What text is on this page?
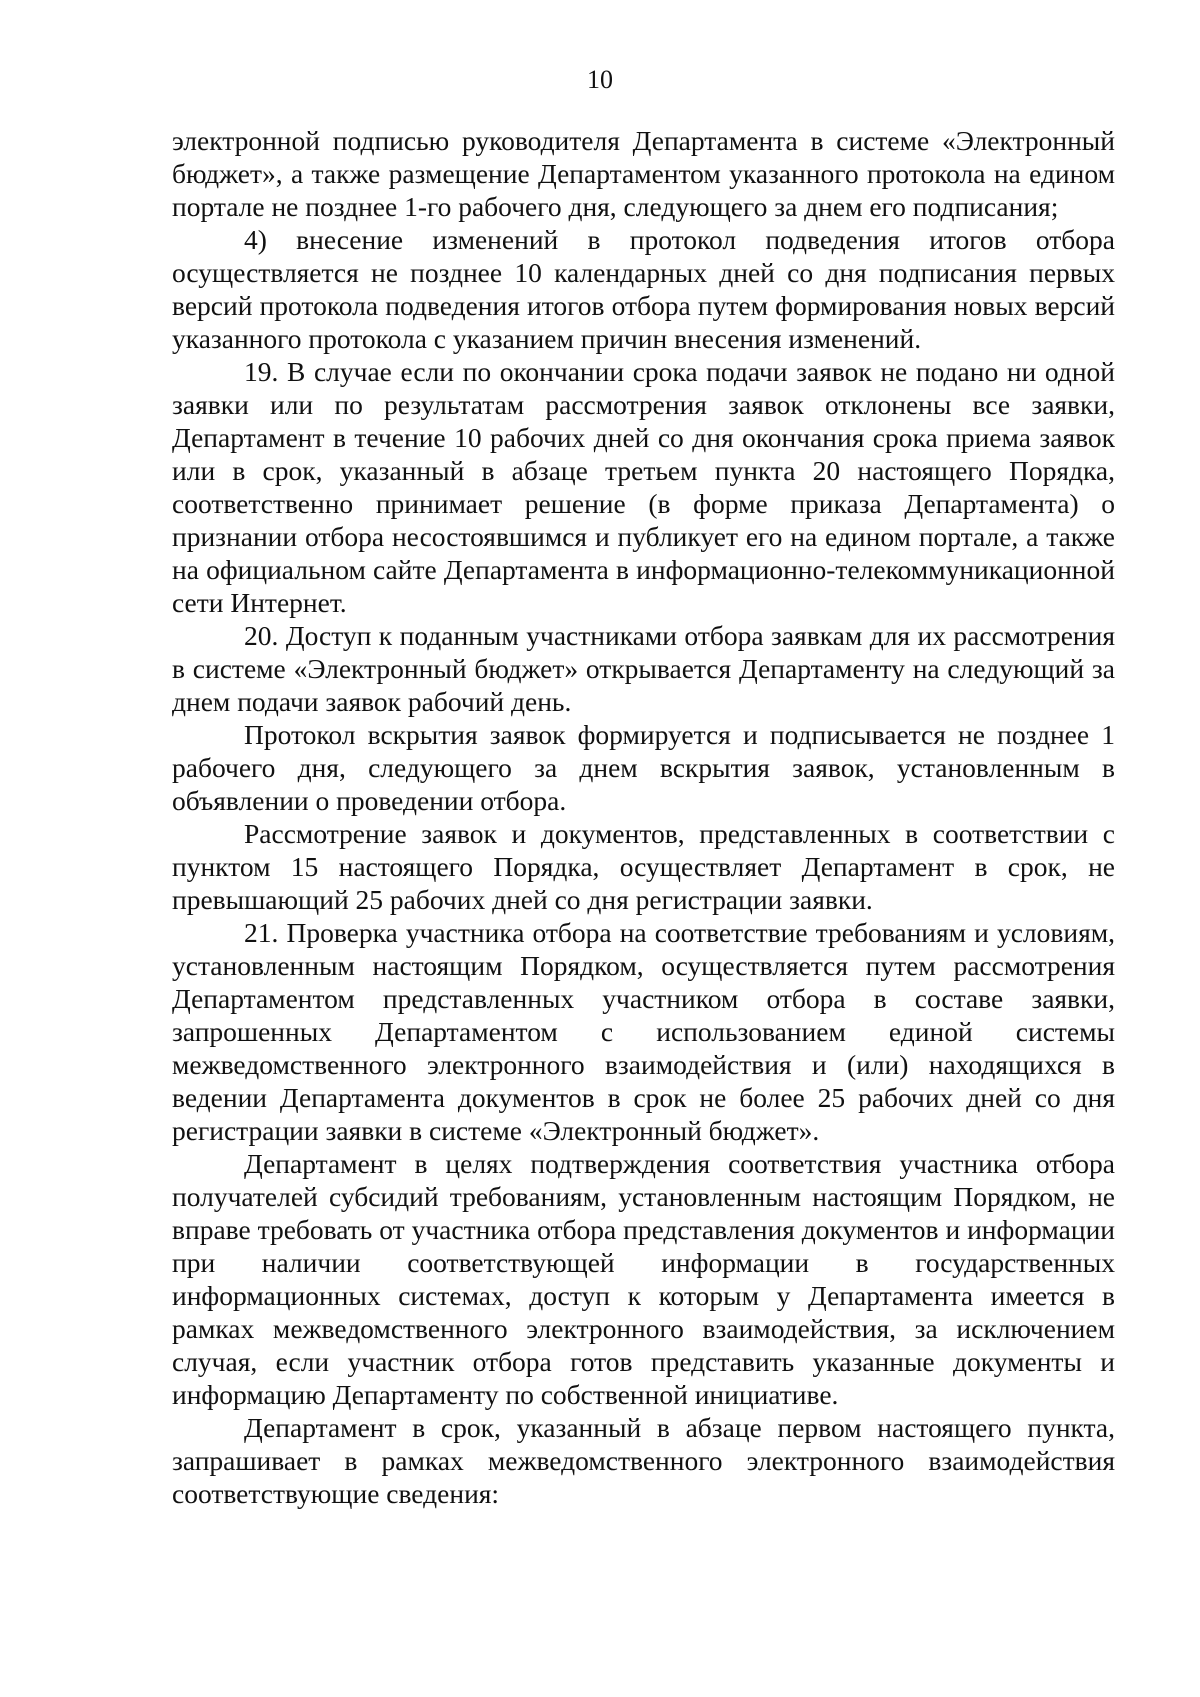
10

электронной подписью руководителя Департамента в системе «Электронный бюджет», а также размещение Департаментом указанного протокола на едином портале не позднее 1-го рабочего дня, следующего за днем его подписания;

4) внесение изменений в протокол подведения итогов отбора осуществляется не позднее 10 календарных дней со дня подписания первых версий протокола подведения итогов отбора путем формирования новых версий указанного протокола с указанием причин внесения изменений.

19. В случае если по окончании срока подачи заявок не подано ни одной заявки или по результатам рассмотрения заявок отклонены все заявки, Департамент в течение 10 рабочих дней со дня окончания срока приема заявок или в срок, указанный в абзаце третьем пункта 20 настоящего Порядка, соответственно принимает решение (в форме приказа Департамента) о признании отбора несостоявшимся и публикует его на едином портале, а также на официальном сайте Департамента в информационно-телекоммуникационной сети Интернет.

20. Доступ к поданным участниками отбора заявкам для их рассмотрения в системе «Электронный бюджет» открывается Департаменту на следующий за днем подачи заявок рабочий день.

Протокол вскрытия заявок формируется и подписывается не позднее 1 рабочего дня, следующего за днем вскрытия заявок, установленным в объявлении о проведении отбора.

Рассмотрение заявок и документов, представленных в соответствии с пунктом 15 настоящего Порядка, осуществляет Департамент в срок, не превышающий 25 рабочих дней со дня регистрации заявки.

21. Проверка участника отбора на соответствие требованиям и условиям, установленным настоящим Порядком, осуществляется путем рассмотрения Департаментом представленных участником отбора в составе заявки, запрошенных Департаментом с использованием единой системы межведомственного электронного взаимодействия и (или) находящихся в ведении Департамента документов в срок не более 25 рабочих дней со дня регистрации заявки в системе «Электронный бюджет».

Департамент в целях подтверждения соответствия участника отбора получателей субсидий требованиям, установленным настоящим Порядком, не вправе требовать от участника отбора представления документов и информации при наличии соответствующей информации в государственных информационных системах, доступ к которым у Департамента имеется в рамках межведомственного электронного взаимодействия, за исключением случая, если участник отбора готов представить указанные документы и информацию Департаменту по собственной инициативе.

Департамент в срок, указанный в абзаце первом настоящего пункта, запрашивает в рамках межведомственного электронного взаимодействия соответствующие сведения:
